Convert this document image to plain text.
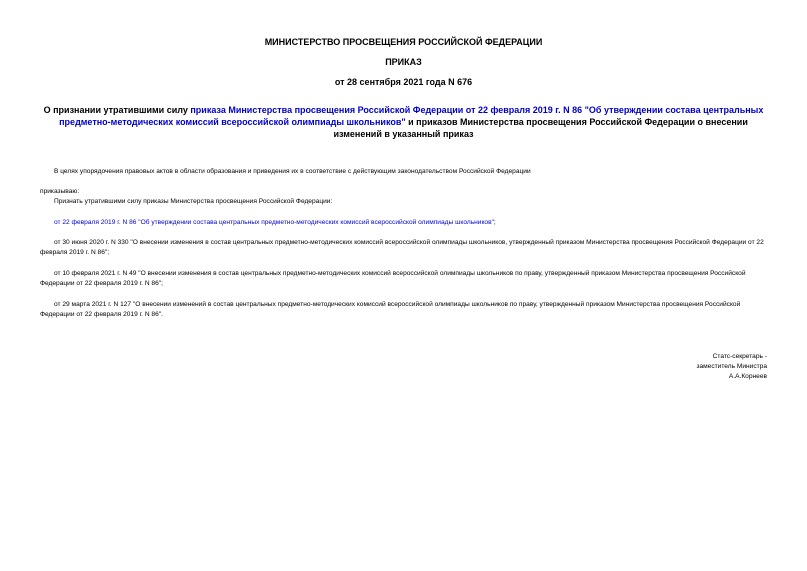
МИНИСТЕРСТВО ПРОСВЕЩЕНИЯ РОССИЙСКОЙ ФЕДЕРАЦИИ
ПРИКАЗ
от 28 сентября 2021 года N 676
О признании утратившими силу приказа Министерства просвещения Российской Федерации от 22 февраля 2019 г. N 86 "Об утверждении состава центральных предметно-методических комиссий всероссийской олимпиады школьников" и приказов Министерства просвещения Российской Федерации о внесении изменений в указанный приказ
В целях упорядочения правовых актов в области образования и приведения их в соответствие с действующим законодательством Российской Федерации
приказываю:
Признать утратившими силу приказы Министерства просвещения Российской Федерации:
от 22 февраля 2019 г. N 86 "Об утверждении состава центральных предметно-методических комиссий всероссийской олимпиады школьников";
от 30 июня 2020 г. N 330 "О внесении изменения в состав центральных предметно-методических комиссий всероссийской олимпиады школьников, утвержденный приказом Министерства просвещения Российской Федерации от 22 февраля 2019 г. N 86";
от 10 февраля 2021 г. N 49 "О внесении изменения в состав центральных предметно-методических комиссий всероссийской олимпиады школьников по праву, утвержденный приказом Министерства просвещения Российской Федерации от 22 февраля 2019 г. N 86";
от 29 марта 2021 г. N 127 "О внесении изменений в состав центральных предметно-методических комиссий всероссийской олимпиады школьников по праву, утвержденный приказом Министерства просвещения Российской Федерации от 22 февраля 2019 г. N 86".
Статс-секретарь -
заместитель Министра
А.А.Корнеев
